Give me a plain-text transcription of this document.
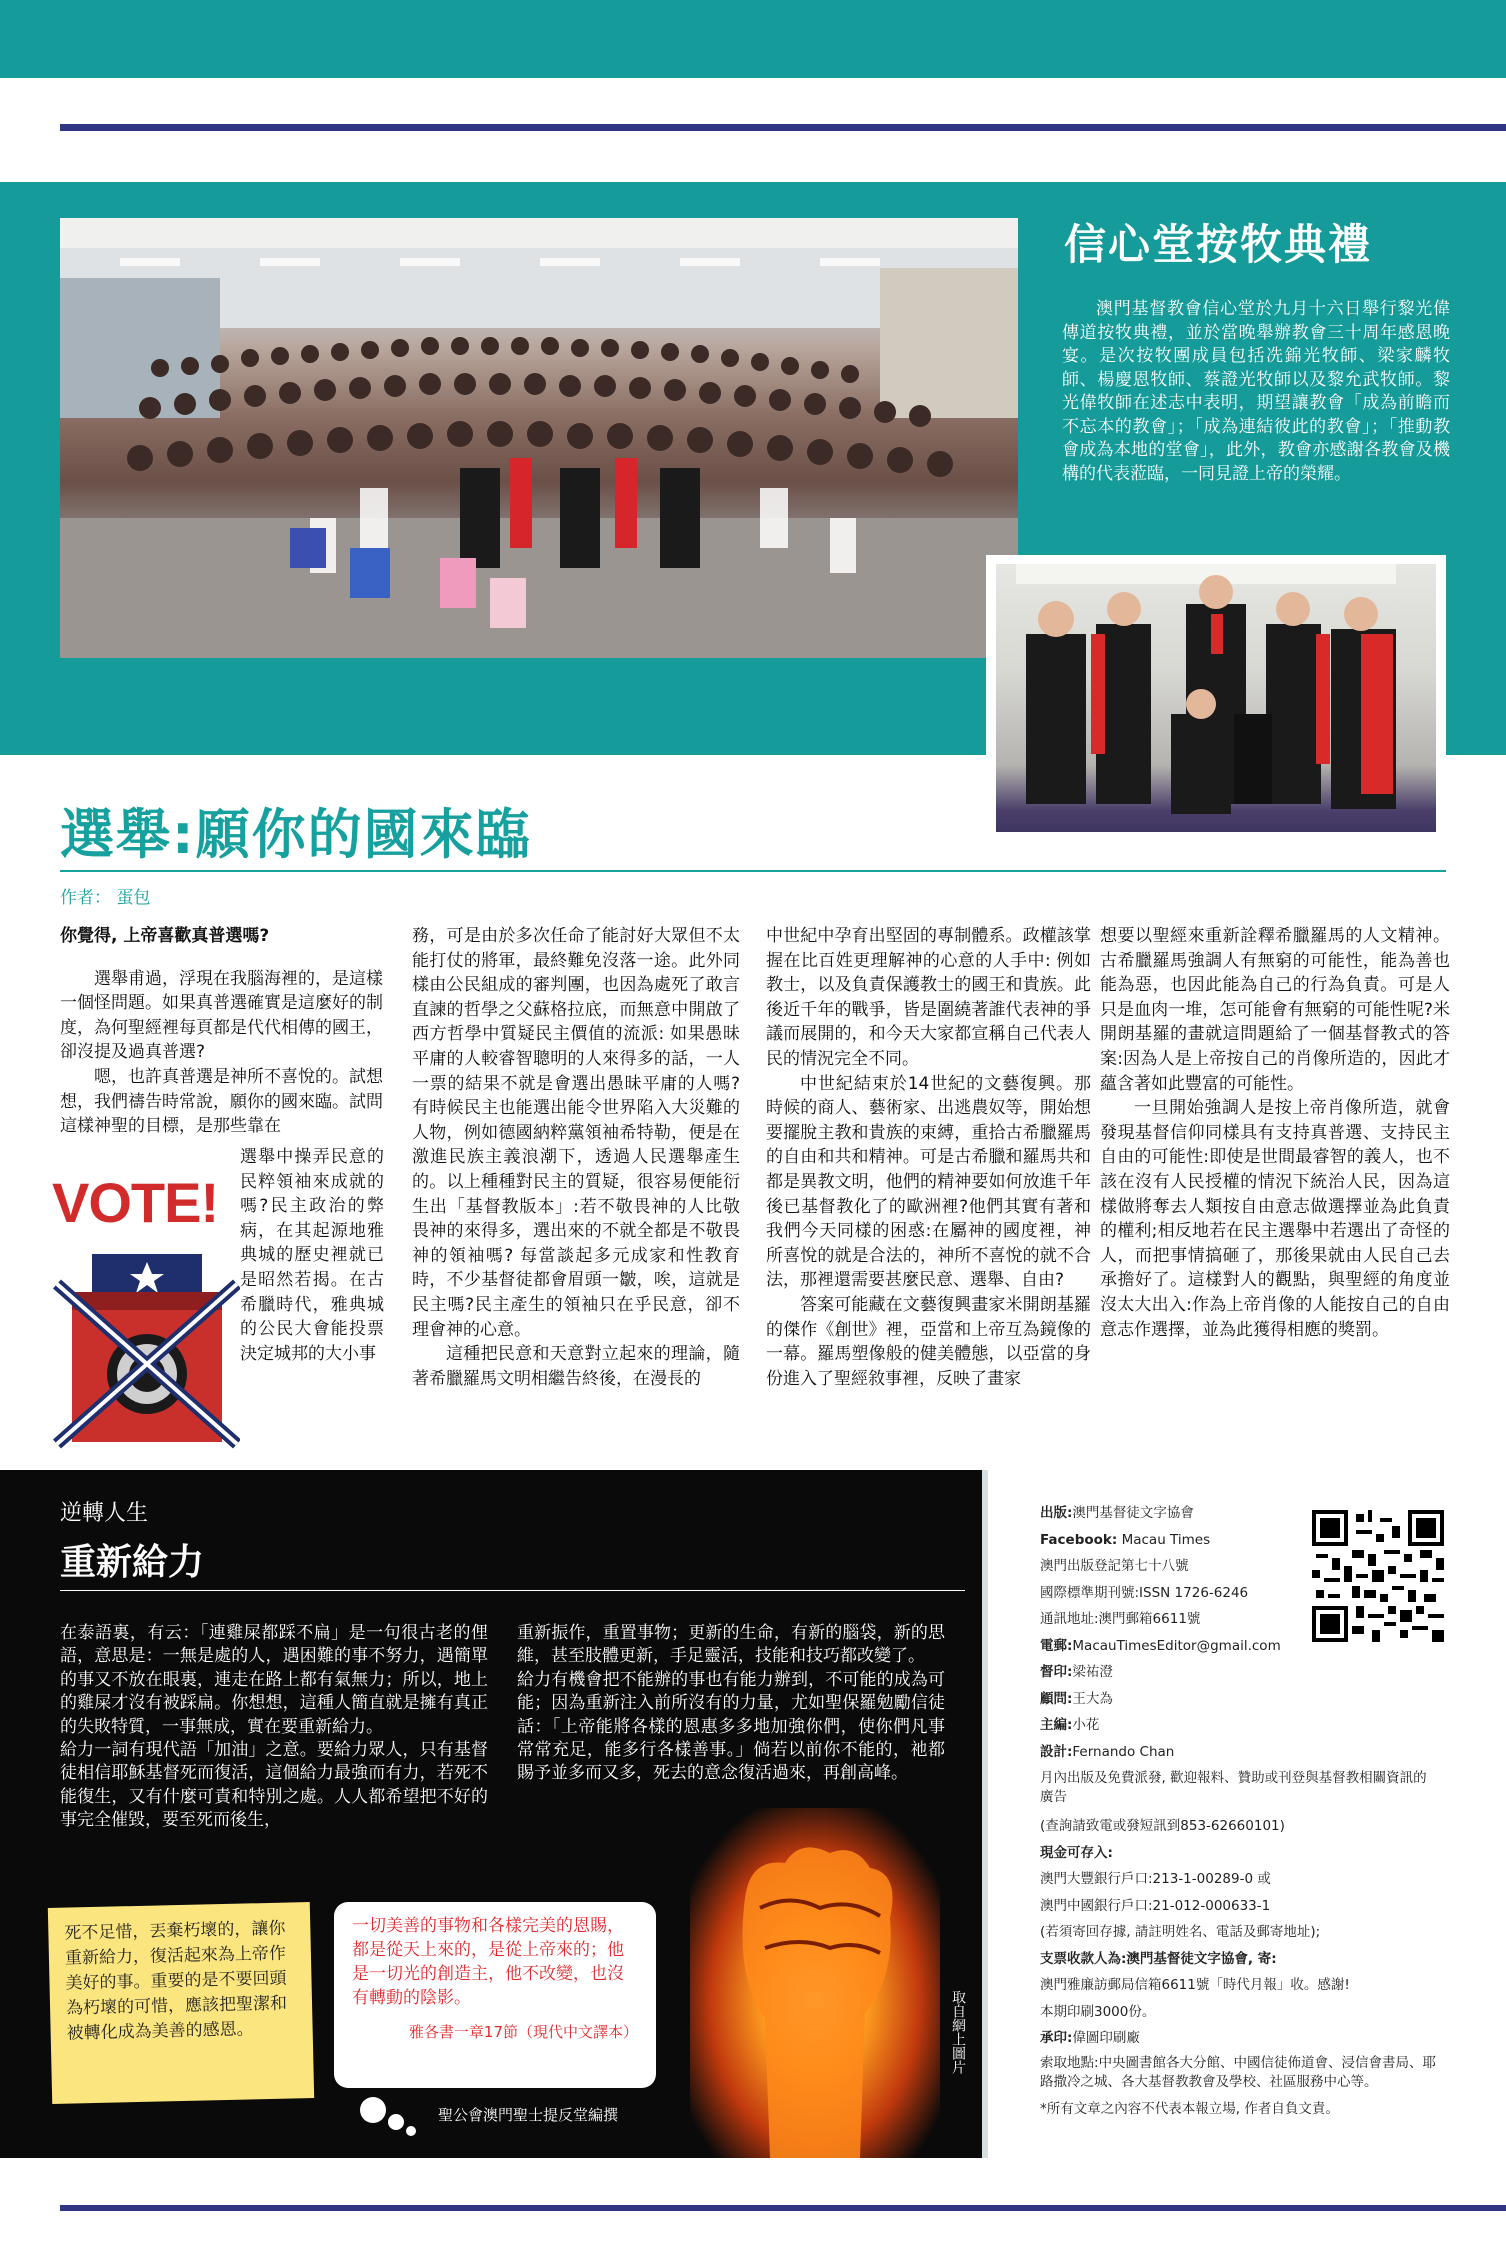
信心堂按牧典禮
澳門基督教會信心堂於九月十六日舉行黎光偉傳道按牧典禮，並於當晚舉辦教會三十周年感恩晚宴。是次按牧團成員包括冼錦光牧師、梁家麟牧師、楊慶恩牧師、蔡證光牧師以及黎允武牧師。黎光偉牧師在述志中表明，期望讓教會「成為前瞻而不忘本的教會」；「成為連結彼此的教會」；「推動教會成為本地的堂會」，此外，教會亦感謝各教會及機構的代表蒞臨，一同見證上帝的榮耀。
選舉:願你的國來臨
作者： 蛋包

你覺得, 上帝喜歡真普選嗎?

選舉甫過，浮現在我腦海裡的，是這樣一個怪問題。如果真普選確實是這麼好的制度，為何聖經裡每頁都是代代相傳的國王，卻沒提及過真普選?

嗯，也許真普選是神所不喜悅的。試想想，我們禱告時常說，願你的國來臨。試問這樣神聖的目標，是那些靠在

VOTE!
選舉中操弄民意的民粹領袖來成就的嗎?民主政治的弊病，在其起源地雅典城的歷史裡就已是昭然若揭。在古希臘時代，雅典城的公民大會能投票決定城邦的大小事

務，可是由於多次任命了能討好大眾但不太能打仗的將軍，最終難免沒落一途。此外同樣由公民組成的審判團，也因為處死了敢言直諫的哲學之父蘇格拉底，而無意中開啟了西方哲學中質疑民主價值的流派: 如果愚昧平庸的人較睿智聰明的人來得多的話，一人一票的結果不就是會選出愚昧平庸的人嗎?有時候民主也能選出能令世界陷入大災難的人物，例如德國納粹黨領袖希特勒，便是在激進民族主義浪潮下，透過人民選舉產生的。以上種種對民主的質疑，很容易便能衍生出「基督教版本」:若不敬畏神的人比敬畏神的來得多，選出來的不就全都是不敬畏神的領袖嗎? 每當談起多元成家和性教育時，不少基督徒都會眉頭一皺，唉，這就是民主嗎?民主產生的領袖只在乎民意，卻不理會神的心意。

這種把民意和天意對立起來的理論，隨著希臘羅馬文明相繼告終後，在漫長的

中世紀中孕育出堅固的專制體系。政權該掌握在比百姓更理解神的心意的人手中: 例如教士，以及負責保護教士的國王和貴族。此後近千年的戰爭，皆是圍繞著誰代表神的爭議而展開的，和今天大家都宣稱自己代表人民的情況完全不同。

中世紀結束於14世紀的文藝復興。那時候的商人、藝術家、出逃農奴等，開始想要擺脫主教和貴族的束縛，重拾古希臘羅馬的自由和共和精神。可是古希臘和羅馬共和都是異教文明，他們的精神要如何放進千年後已基督教化了的歐洲裡?他們其實有著和我們今天同樣的困惑:在屬神的國度裡，神所喜悅的就是合法的，神所不喜悅的就不合法，那裡還需要甚麼民意、選舉、自由?

答案可能藏在文藝復興畫家米開朗基羅的傑作《創世》裡，亞當和上帝互為鏡像的一幕。羅馬塑像般的健美體態，以亞當的身份進入了聖經敘事裡，反映了畫家

想要以聖經來重新詮釋希臘羅馬的人文精神。古希臘羅馬強調人有無窮的可能性，能為善也能為惡，也因此能為自己的行為負責。可是人只是血肉一堆，怎可能會有無窮的可能性呢?米開朗基羅的畫就這問題給了一個基督教式的答案:因為人是上帝按自己的肖像所造的，因此才蘊含著如此豐富的可能性。

一旦開始強調人是按上帝肖像所造，就會發現基督信仰同樣具有支持真普選、支持民主自由的可能性:即使是世間最睿智的義人，也不該在沒有人民授權的情況下統治人民，因為這樣做將奪去人類按自由意志做選擇並為此負責的權利;相反地若在民主選舉中若選出了奇怪的人，而把事情搞砸了，那後果就由人民自己去承擔好了。這樣對人的觀點，與聖經的角度並沒太大出入:作為上帝肖像的人能按自己的自由意志作選擇，並為此獲得相應的獎罰。

逆轉人生
重新給力
在泰語裏，有云：「連雞屎都踩不扁」是一句很古老的俚語，意思是：一無是處的人，遇困難的事不努力，遇簡單的事又不放在眼裏，連走在路上都有氣無力；所以，地上的雞屎才沒有被踩扁。你想想，這種人簡直就是擁有真正的失敗特質，一事無成，實在要重新給力。
給力一詞有現代語「加油」之意。要給力眾人，只有基督徒相信耶穌基督死而復活，這個給力最強而有力，若死不能復生，又有什麼可責和特別之處。人人都希望把不好的事完全催毀，要至死而後生，
重新振作，重置事物；更新的生命，有新的腦袋，新的思維，甚至肢體更新，手足靈活，技能和技巧都改變了。
給力有機會把不能辦的事也有能力辦到，不可能的成為可能；因為重新注入前所沒有的力量，尤如聖保羅勉勵信徒話：「上帝能將各樣的恩惠多多地加強你們，使你們凡事常常充足，能多行各樣善事。」倘若以前你不能的，祂都賜予並多而又多，死去的意念復活過來，再創高峰。
死不足惜，丟棄朽壞的，讓你重新給力，復活起來為上帝作美好的事。重要的是不要回頭為朽壞的可惜，應該把聖潔和被轉化成為美善的感恩。
一切美善的事物和各樣完美的恩賜，都是從天上來的，是從上帝來的；他是一切光的創造主，他不改變，也沒有轉動的陰影。
雅各書一章17節（現代中文譯本）
聖公會澳門聖士提反堂編撰
取自網上圖片
出版:澳門基督徒文字協會
Facebook: Macau Times
澳門出版登記第七十八號
國際標準期刊號:ISSN 1726-6246
通訊地址:澳門郵箱6611號
電郵:MacauTimesEditor@gmail.com
督印:梁祐澄
顧問:王大為
主編:小花
設計:Fernando Chan
月內出版及免費派發, 歡迎報料、贊助或刊登與基督教相關資訊的廣告
(查詢請致電或發短訊到853-62660101)
現金可存入:
澳門大豐銀行戶口:213-1-00289-0 或
澳門中國銀行戶口:21-012-000633-1
(若須寄回存據, 請註明姓名、電話及郵寄地址);
支票收款人為:澳門基督徒文字協會, 寄:
澳門雅廉訪郵局信箱6611號「時代月報」收。感謝!
本期印刷3000份。
承印:偉圖印刷廠
索取地點:中央圖書館各大分館、中國信徒佈道會、浸信會書局、耶路撒冷之城、各大基督教教會及學校、社區服務中心等。
*所有文章之內容不代表本報立場, 作者自負文責。
